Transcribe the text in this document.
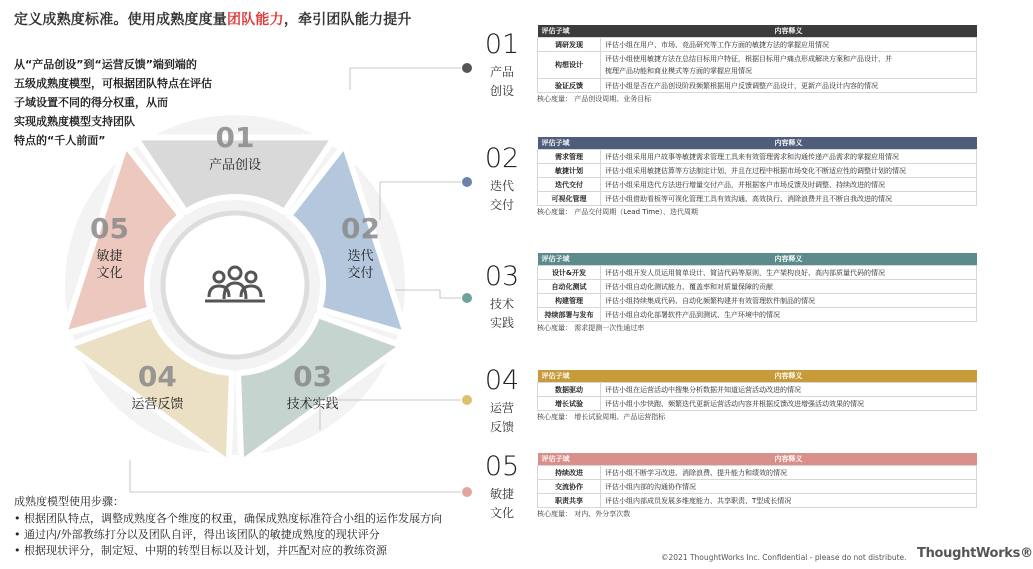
定义成熟度标准。使用成熟度度量团队能力，牵引团队能力提升
从“产品创设”到“运营反馈”端到端的
五级成熟度模型，可根据团队特点在评估
子域设置不同的得分权重，从而
实现成熟度模型支持团队
特点的“千人前面”	01
产品创设
02
迭代
交付
03
技术实践
04
运营反馈
05
敏捷
文化
成熟度模型使用步骤：
• 根据团队特点，调整成熟度各个维度的权重，确保成熟度标准符合小组的运作发展方向
• 通过内/外部教练打分以及团队自评，得出该团队的敏捷成熟度的现状评分
• 根据现状评分，制定短、中期的转型目标以及计划，并匹配对应的教练资源
01
产品
创设
评估子域	内容释义
调研发现	评估小组在用户、市场、竞品研究等工作方面的敏捷方法的掌握应用情况
构想设计	评估小组使用敏捷方法在总结目标用户特征，根据目标用户痛点形成解决方案和产品设计，并
梳理产品功能和商业模式等方面的掌握应用情况
验证反馈	评估小组是否在产品创设阶段频繁根据用户反馈调整产品设计，更新产品设计内容的情况
核心度量： 产品创设周期、业务目标
02
迭代
交付
评估子域	内容释义
需求管理	评估小组采用用户故事等敏捷需求管理工具来有效管理需求和沟通传递产品需求的掌握应用情况
敏捷计划	评估小组采用敏捷估算等方法制定计划，并且在过程中根据市场变化不断适应性的调整计划的情况
迭代交付	评估小组采用迭代方法进行增量交付产品，并根据客户市场反馈及时调整、持续改进的情况
可视化管理	评估小组借助看板等可视化管理工具有效沟通、高效执行、消除浪费并且不断自我改进的情况
核心度量： 产品交付周期（Lead Time）、迭代周期
03
技术
实践
评估子域	内容释义
设计&开发	评估小组开发人员运用简单设计、简洁代码等原则，生产架构良好、高内部质量代码的情况
自动化测试	评估小组自动化测试能力、覆盖率和对质量保障的贡献
构建管理	评估小组持续集成代码、自动化频繁构建并有效管理软件制品的情况
持续部署与发布	评估小组自动化部署软件产品到测试、生产环境中的情况
核心度量： 需求提测一次性通过率
04
运营
反馈
评估子域	内容释义
数据驱动	评估小组在运营活动中搜集分析数据并知道运营活动改进的情况
增长试验	评估小组小步快跑、频繁迭代更新运营活动内容并根据反馈改进增强活动效果的情况
核心度量： 增长试验周期、产品运营指标
05
敏捷
文化
评估子域	内容释义
持续改进	评估小组不断学习改进、消除浪费、提升能力和绩效的情况
交流协作	评估小组内部的沟通协作情况
职责共享	评估小组内部成员发展多维度能力、共享职责、T型成长情况
核心度量： 对内、外分享次数
©2021 ThoughtWorks Inc. Confidential - please do not distribute. ThoughtWorks®
